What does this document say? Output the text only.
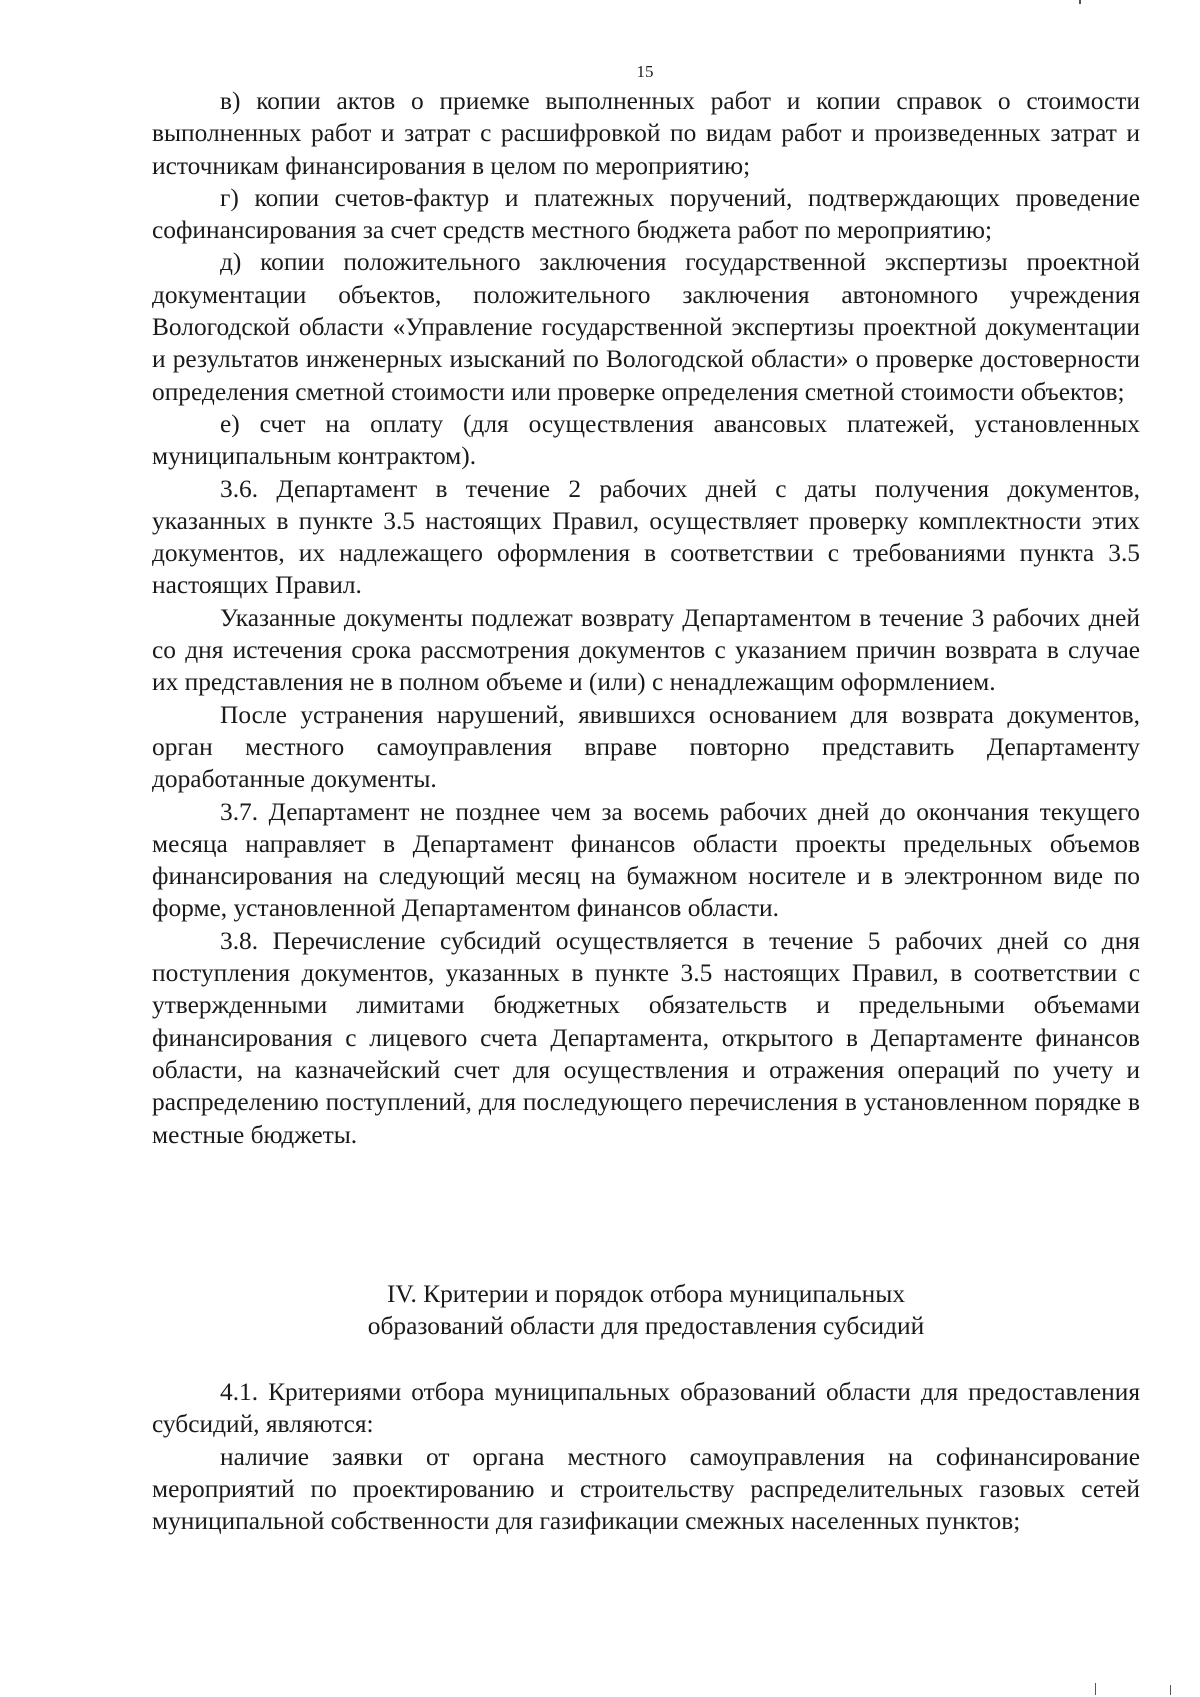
15

в) копии актов о приемке выполненных работ и копии справок о стоимости выполненных работ и затрат с расшифровкой по видам работ и произведенных затрат и источникам финансирования в целом по мероприятию;

г) копии счетов-фактур и платежных поручений, подтверждающих проведение софинансирования за счет средств местного бюджета работ по мероприятию;

д) копии положительного заключения государственной экспертизы проектной документации объектов, положительного заключения автономного учреждения Вологодской области «Управление государственной экспертизы проектной документации и результатов инженерных изысканий по Вологодской области» о проверке достоверности определения сметной стоимости или проверке определения сметной стоимости объектов;

е) счет на оплату (для осуществления авансовых платежей, установленных муниципальным контрактом).

3.6. Департамент в течение 2 рабочих дней с даты получения документов, указанных в пункте 3.5 настоящих Правил, осуществляет проверку комплектности этих документов, их надлежащего оформления в соответствии с требованиями пункта 3.5 настоящих Правил.

Указанные документы подлежат возврату Департаментом в течение 3 рабочих дней со дня истечения срока рассмотрения документов с указанием причин возврата в случае их представления не в полном объеме и (или) с ненадлежащим оформлением.

После устранения нарушений, явившихся основанием для возврата документов, орган местного самоуправления вправе повторно представить Департаменту доработанные документы.

3.7. Департамент не позднее чем за восемь рабочих дней до окончания текущего месяца направляет в Департамент финансов области проекты предельных объемов финансирования на следующий месяц на бумажном носителе и в электронном виде по форме, установленной Департаментом финансов области.

3.8. Перечисление субсидий осуществляется в течение 5 рабочих дней со дня поступления документов, указанных в пункте 3.5 настоящих Правил, в соответствии с утвержденными лимитами бюджетных обязательств и предельными объемами финансирования с лицевого счета Департамента, открытого в Департаменте финансов области, на казначейский счет для осуществления и отражения операций по учету и распределению поступлений, для последующего перечисления в установленном порядке в местные бюджеты.

IV. Критерии и порядок отбора муниципальных
образований области для предоставления субсидий

4.1. Критериями отбора муниципальных образований области для предоставления субсидий, являются:

наличие заявки от органа местного самоуправления на софинансирование мероприятий по проектированию и строительству распределительных газовых сетей муниципальной собственности для газификации смежных населенных пунктов;
